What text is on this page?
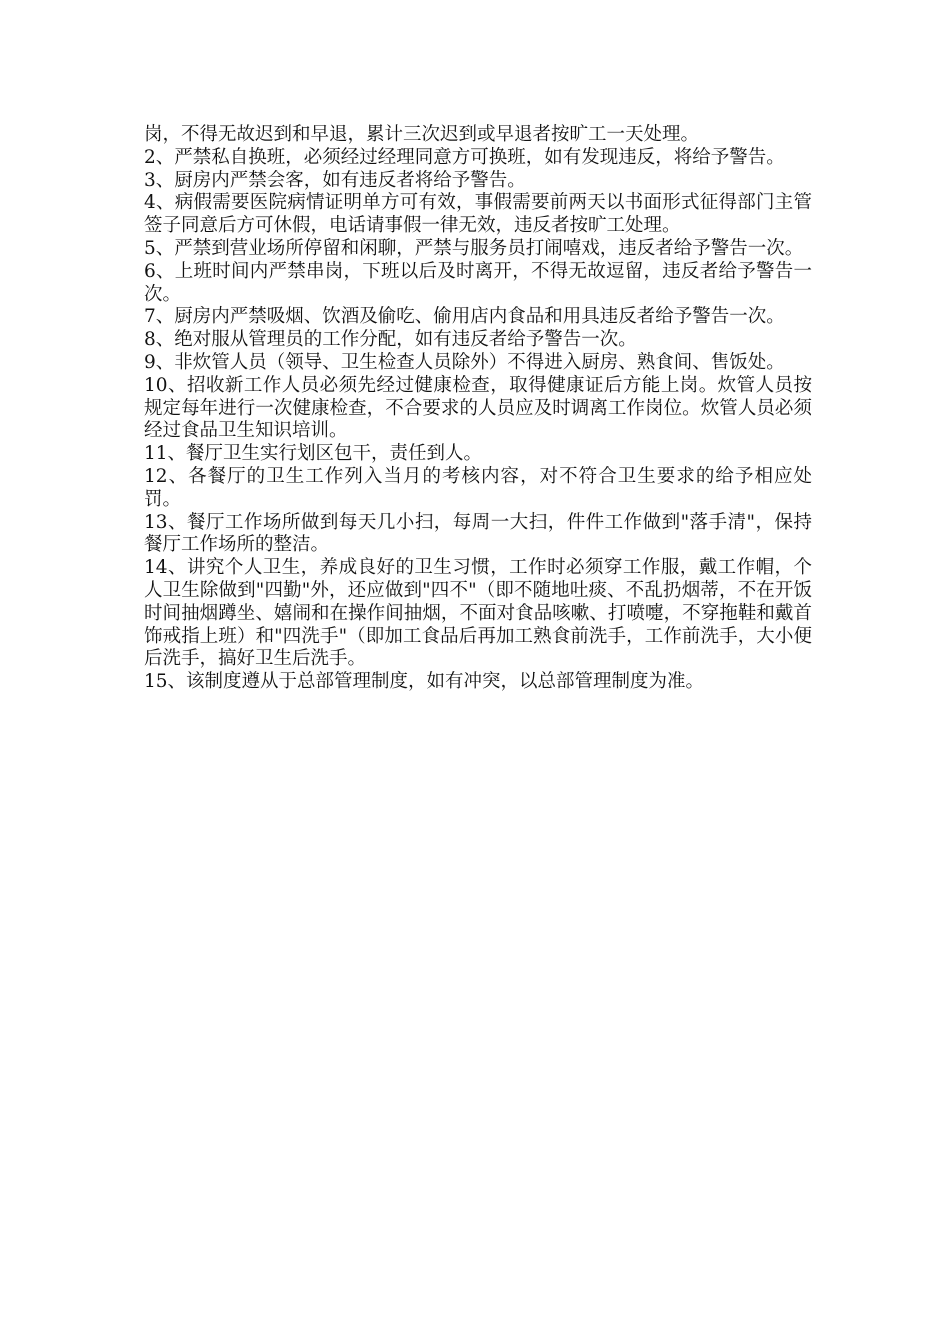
岗，不得无故迟到和早退，累计三次迟到或早退者按旷工一天处理。

2、严禁私自换班，必须经过经理同意方可换班，如有发现违反，将给予警告。

3、厨房内严禁会客，如有违反者将给予警告。

4、病假需要医院病情证明单方可有效，事假需要前两天以书面形式征得部门主管签子同意后方可休假，电话请事假一律无效，违反者按旷工处理。

5、严禁到营业场所停留和闲聊，严禁与服务员打闹嘻戏，违反者给予警告一次。

6、上班时间内严禁串岗，下班以后及时离开，不得无故逗留，违反者给予警告一次。

7、厨房内严禁吸烟、饮酒及偷吃、偷用店内食品和用具违反者给予警告一次。

8、绝对服从管理员的工作分配，如有违反者给予警告一次。

9、非炊管人员（领导、卫生检查人员除外）不得进入厨房、熟食间、售饭处。

10、招收新工作人员必须先经过健康检查，取得健康证后方能上岗。炊管人员按规定每年进行一次健康检查，不合要求的人员应及时调离工作岗位。炊管人员必须经过食品卫生知识培训。

11、餐厅卫生实行划区包干，责任到人。

12、各餐厅的卫生工作列入当月的考核内容，对不符合卫生要求的给予相应处罚。

13、餐厅工作场所做到每天几小扫，每周一大扫，件件工作做到"落手清"，保持餐厅工作场所的整洁。

14、讲究个人卫生，养成良好的卫生习惯，工作时必须穿工作服，戴工作帽，个人卫生除做到"四勤"外，还应做到"四不"（即不随地吐痰、不乱扔烟蒂，不在开饭时间抽烟蹲坐、嬉闹和在操作间抽烟，不面对食品咳嗽、打喷嚏，不穿拖鞋和戴首饰戒指上班）和"四洗手"（即加工食品后再加工熟食前洗手，工作前洗手，大小便后洗手，搞好卫生后洗手。

15、该制度遵从于总部管理制度，如有冲突，以总部管理制度为准。
